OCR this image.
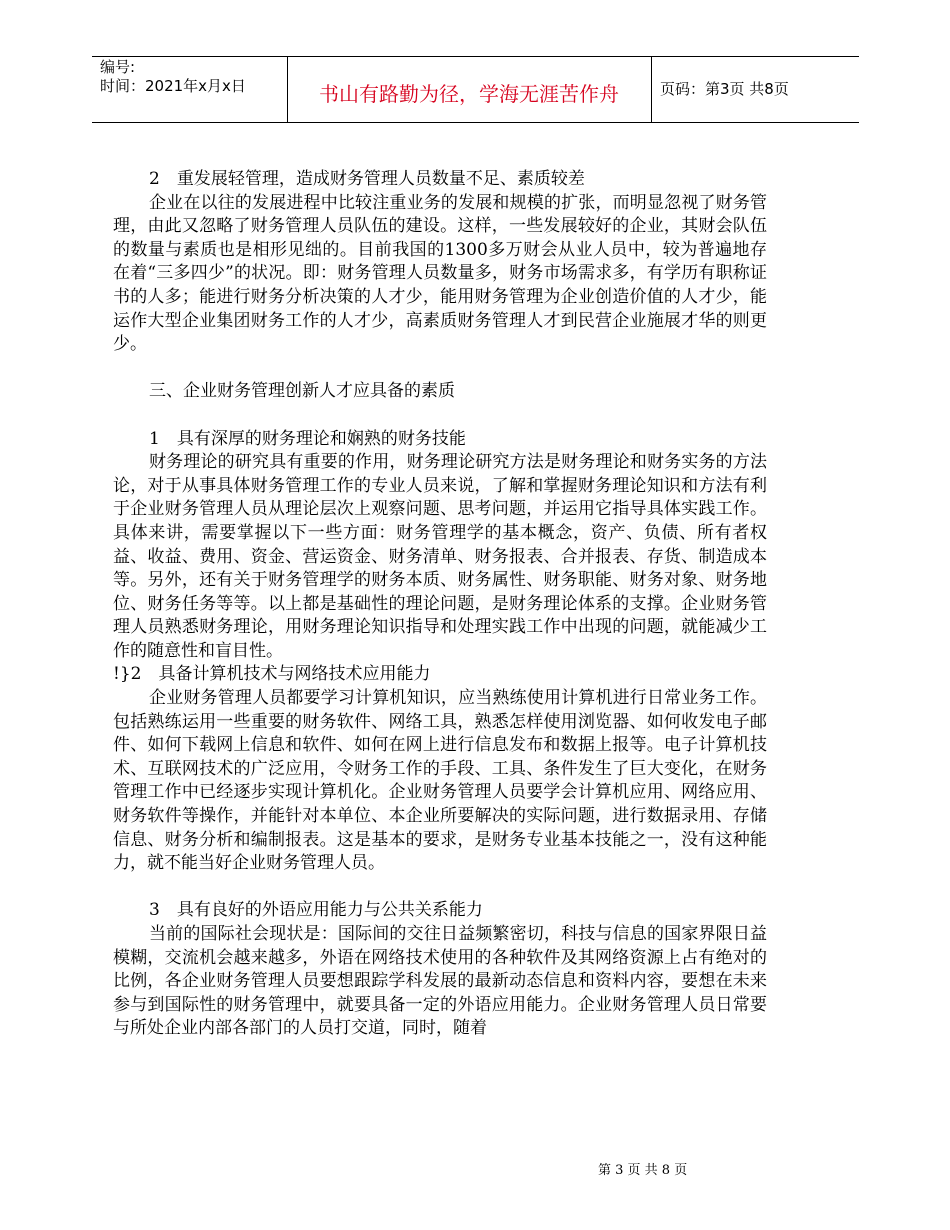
编号:
时间：2021年x月x日	书山有路勤为径，学海无涯苦作舟	页码：第3页 共8页

2　重发展轻管理，造成财务管理人员数量不足、素质较差

企业在以往的发展进程中比较注重业务的发展和规模的扩张，而明显忽视了财务管理，由此又忽略了财务管理人员队伍的建设。这样，一些发展较好的企业，其财会队伍的数量与素质也是相形见绌的。目前我国的1300多万财会从业人员中，较为普遍地存在着“三多四少”的状况。即：财务管理人员数量多，财务市场需求多，有学历有职称证书的人多；能进行财务分析决策的人才少，能用财务管理为企业创造价值的人才少，能运作大型企业集团财务工作的人才少，高素质财务管理人才到民营企业施展才华的则更少。

三、企业财务管理创新人才应具备的素质

1　具有深厚的财务理论和娴熟的财务技能

财务理论的研究具有重要的作用，财务理论研究方法是财务理论和财务实务的方法论，对于从事具体财务管理工作的专业人员来说，了解和掌握财务理论知识和方法有利于企业财务管理人员从理论层次上观察问题、思考问题，并运用它指导具体实践工作。具体来讲，需要掌握以下一些方面：财务管理学的基本概念，资产、负债、所有者权益、收益、费用、资金、营运资金、财务清单、财务报表、合并报表、存货、制造成本等。另外，还有关于财务管理学的财务本质、财务属性、财务职能、财务对象、财务地位、财务任务等等。以上都是基础性的理论问题，是财务理论体系的支撑。企业财务管理人员熟悉财务理论，用财务理论知识指导和处理实践工作中出现的问题，就能减少工作的随意性和盲目性。

!}2　具备计算机技术与网络技术应用能力

企业财务管理人员都要学习计算机知识，应当熟练使用计算机进行日常业务工作。包括熟练运用一些重要的财务软件、网络工具，熟悉怎样使用浏览器、如何收发电子邮件、如何下载网上信息和软件、如何在网上进行信息发布和数据上报等。电子计算机技术、互联网技术的广泛应用，令财务工作的手段、工具、条件发生了巨大变化，在财务管理工作中已经逐步实现计算机化。企业财务管理人员要学会计算机应用、网络应用、财务软件等操作，并能针对本单位、本企业所要解决的实际问题，进行数据录用、存储信息、财务分析和编制报表。这是基本的要求，是财务专业基本技能之一，没有这种能力，就不能当好企业财务管理人员。

3　具有良好的外语应用能力与公共关系能力

当前的国际社会现状是：国际间的交往日益频繁密切，科技与信息的国家界限日益模糊，交流机会越来越多，外语在网络技术使用的各种软件及其网络资源上占有绝对的比例，各企业财务管理人员要想跟踪学科发展的最新动态信息和资料内容，要想在未来参与到国际性的财务管理中，就要具备一定的外语应用能力。企业财务管理人员日常要与所处企业内部各部门的人员打交道，同时，随着

第 3 页 共 8 页
